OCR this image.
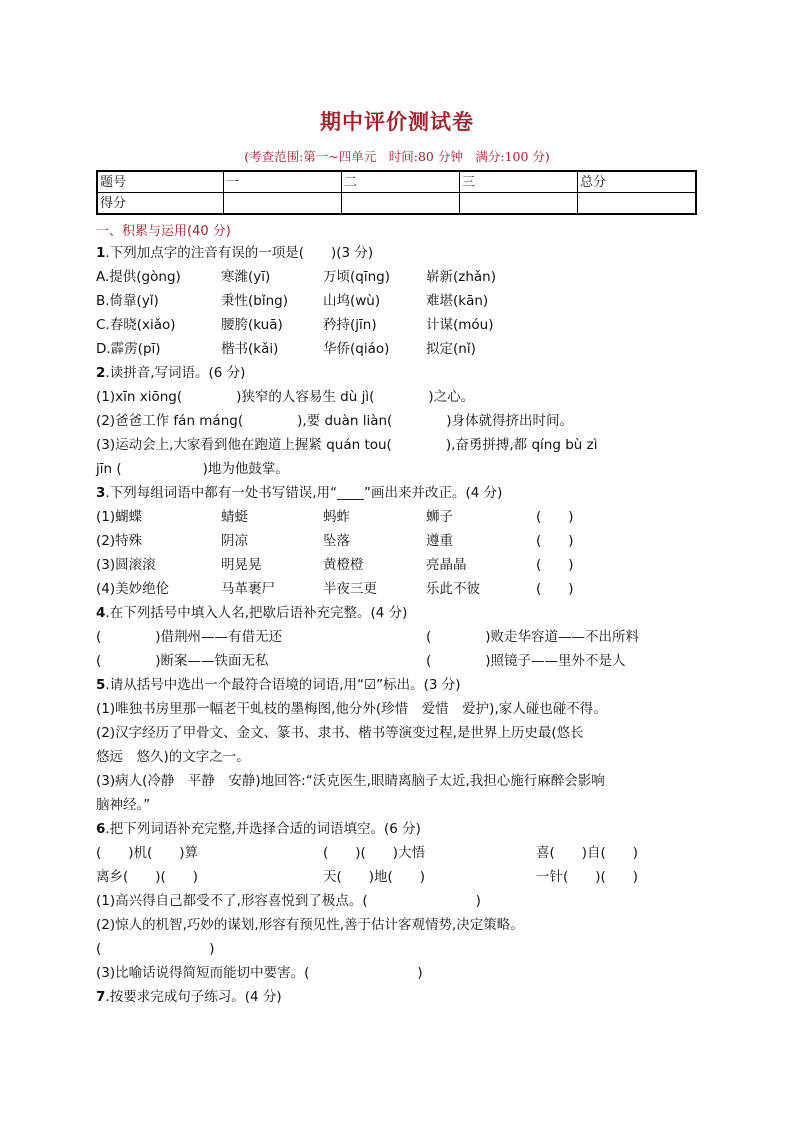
期中评价测试卷
(考查范围:第一~四单元　时间:80 分钟　满分:100 分)
题号	一	二	三	总分
得分				
一、积累与运用(40 分)
1.下列加点字的注音有误的一项是(　　)(3 分)
A.提供(gòng)	寒潍(yī)	万顷(qīng)	崭新(zhǎn)
B.倚靠(yǐ)	秉性(bǐng)	山坞(wù)	难堪(kān)
C.春晓(xiǎo)	腰胯(kuā)	矜持(jīn)	计谋(móu)
D.霹雳(pī)	楷书(kǎi)	华侨(qiáo)	拟定(nǐ)
2.读拼音,写词语。(6 分)
(1)xīn xiōng(　　　　)狭窄的人容易生 dù jì(　　　　)之心。
(2)爸爸工作 fán máng(　　　　),要 duàn liàn(　　　　)身体就得挤出时间。
(3)运动会上,大家看到他在跑道上握紧 quán tou(　　　　),奋勇拼搏,都 qíng bù zì
jīn (　　　　　　)地为他鼓掌。
3.下列每组词语中都有一处书写错误,用“____”画出来并改正。(4 分)
(1)蝴蝶	蜻蜓	蚂蚱	蛳子	(　　)
(2)特殊	阴凉	坠落	遵重	(　　)
(3)圆滚滚	明晃晃	黄橙橙	亮晶晶	(　　)
(4)美妙绝伦	马革裹尸	半夜三更	乐此不彼	(　　)
4.在下列括号中填入人名,把歇后语补充完整。(4 分)
(　　　　)借荆州——有借无还	(　　　　)败走华容道——不出所料
(　　　　)断案——铁面无私	(　　　　)照镜子——里外不是人
5.请从括号中选出一个最符合语境的词语,用“☑”标出。(3 分)
(1)唯独书房里那一幅老干虬枝的墨梅图,他分外(珍惜　爱惜　爱护),家人碰也碰不得。
(2)汉字经历了甲骨文、金文、篆书、隶书、楷书等演变过程,是世界上历史最(悠长
悠远　悠久)的文字之一。
(3)病人(冷静　平静　安静)地回答:“沃克医生,眼睛离脑子太近,我担心施行麻醉会影响
脑神经。”
6.把下列词语补充完整,并选择合适的词语填空。(6 分)
(　　)机(　　)算	(　　)(　　)大悟	喜(　　)自(　　)
离乡(　　)(　　)	天(　　)地(　　)	一针(　　)(　　)
(1)高兴得自己都受不了,形容喜悦到了极点。(　　　　　　　　)
(2)惊人的机智,巧妙的谋划,形容有预见性,善于估计客观情势,决定策略。
(　　　　　　　　)
(3)比喻话说得简短而能切中要害。(　　　　　　　　)
7.按要求完成句子练习。(4 分)
